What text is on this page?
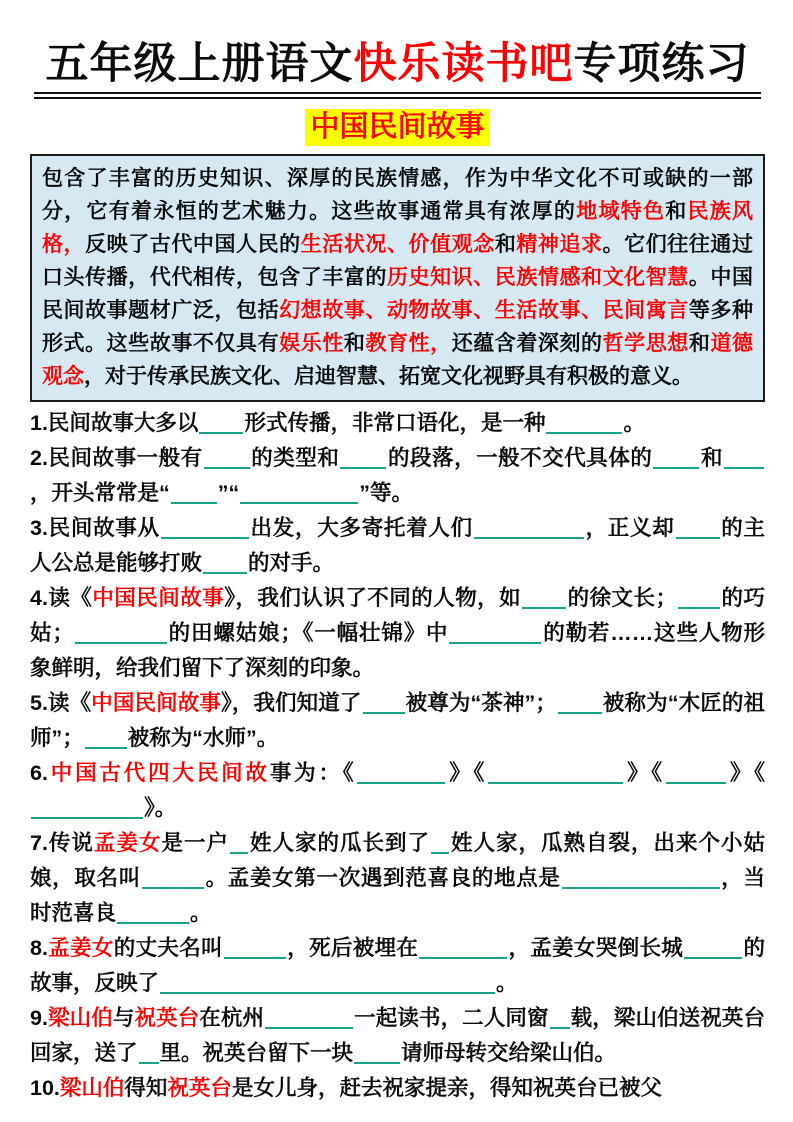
五年级上册语文快乐读书吧专项练习
中国民间故事
包含了丰富的历史知识、深厚的民族情感，作为中华文化不可或缺的一部分，它有着永恒的艺术魅力。这些故事通常具有浓厚的地域特色和民族风格，反映了古代中国人民的生活状况、价值观念和精神追求。它们往往通过口头传播，代代相传，包含了丰富的历史知识、民族情感和文化智慧。中国民间故事题材广泛，包括幻想故事、动物故事、生活故事、民间寓言等多种形式。这些故事不仅具有娱乐性和教育性，还蕴含着深刻的哲学思想和道德观念，对于传承民族文化、启迪智慧、拓宽文化视野具有积极的意义。

1.民间故事大多以 形式传播，非常口语化，是一种	。

2.民间故事一般有 的类型和 的段落，一般不交代具体的 和，开头常常是“ ”“	”等。

3.民间故事从	出发，大多寄托着人们	，正义却 的主人公总是能够打败 的对手。

4.读《中国民间故事》，我们认识了不同的人物，如 的徐文长； 的巧姑；	的田螺姑娘；《一幅壮锦》中	的勒若……这些人物形象鲜明，给我们留下了深刻的印象。

5.读《中国民间故事》，我们知道了 被尊为“茶神”； 被称为“木匠的祖师”； 被称为“水师”。

6.中国古代四大民间故事为：《	》《	》《	》《》。

7.传说孟姜女是一户 姓人家的瓜长到了 姓人家，瓜熟自裂，出来个小姑娘，取名叫	。孟姜女第一次遇到范喜良的地点是	，当时范喜良	。

8.孟姜女的丈夫名叫	，死后被埋在	，孟姜女哭倒长城	的故事，反映了	。

9.梁山伯与祝英台在杭州	一起读书，二人同窗 载，梁山伯送祝英台回家，送了 里。祝英台留下一块 请师母转交给梁山伯。

10.梁山伯得知祝英台是女儿身，赶去祝家提亲，得知祝英台已被父
